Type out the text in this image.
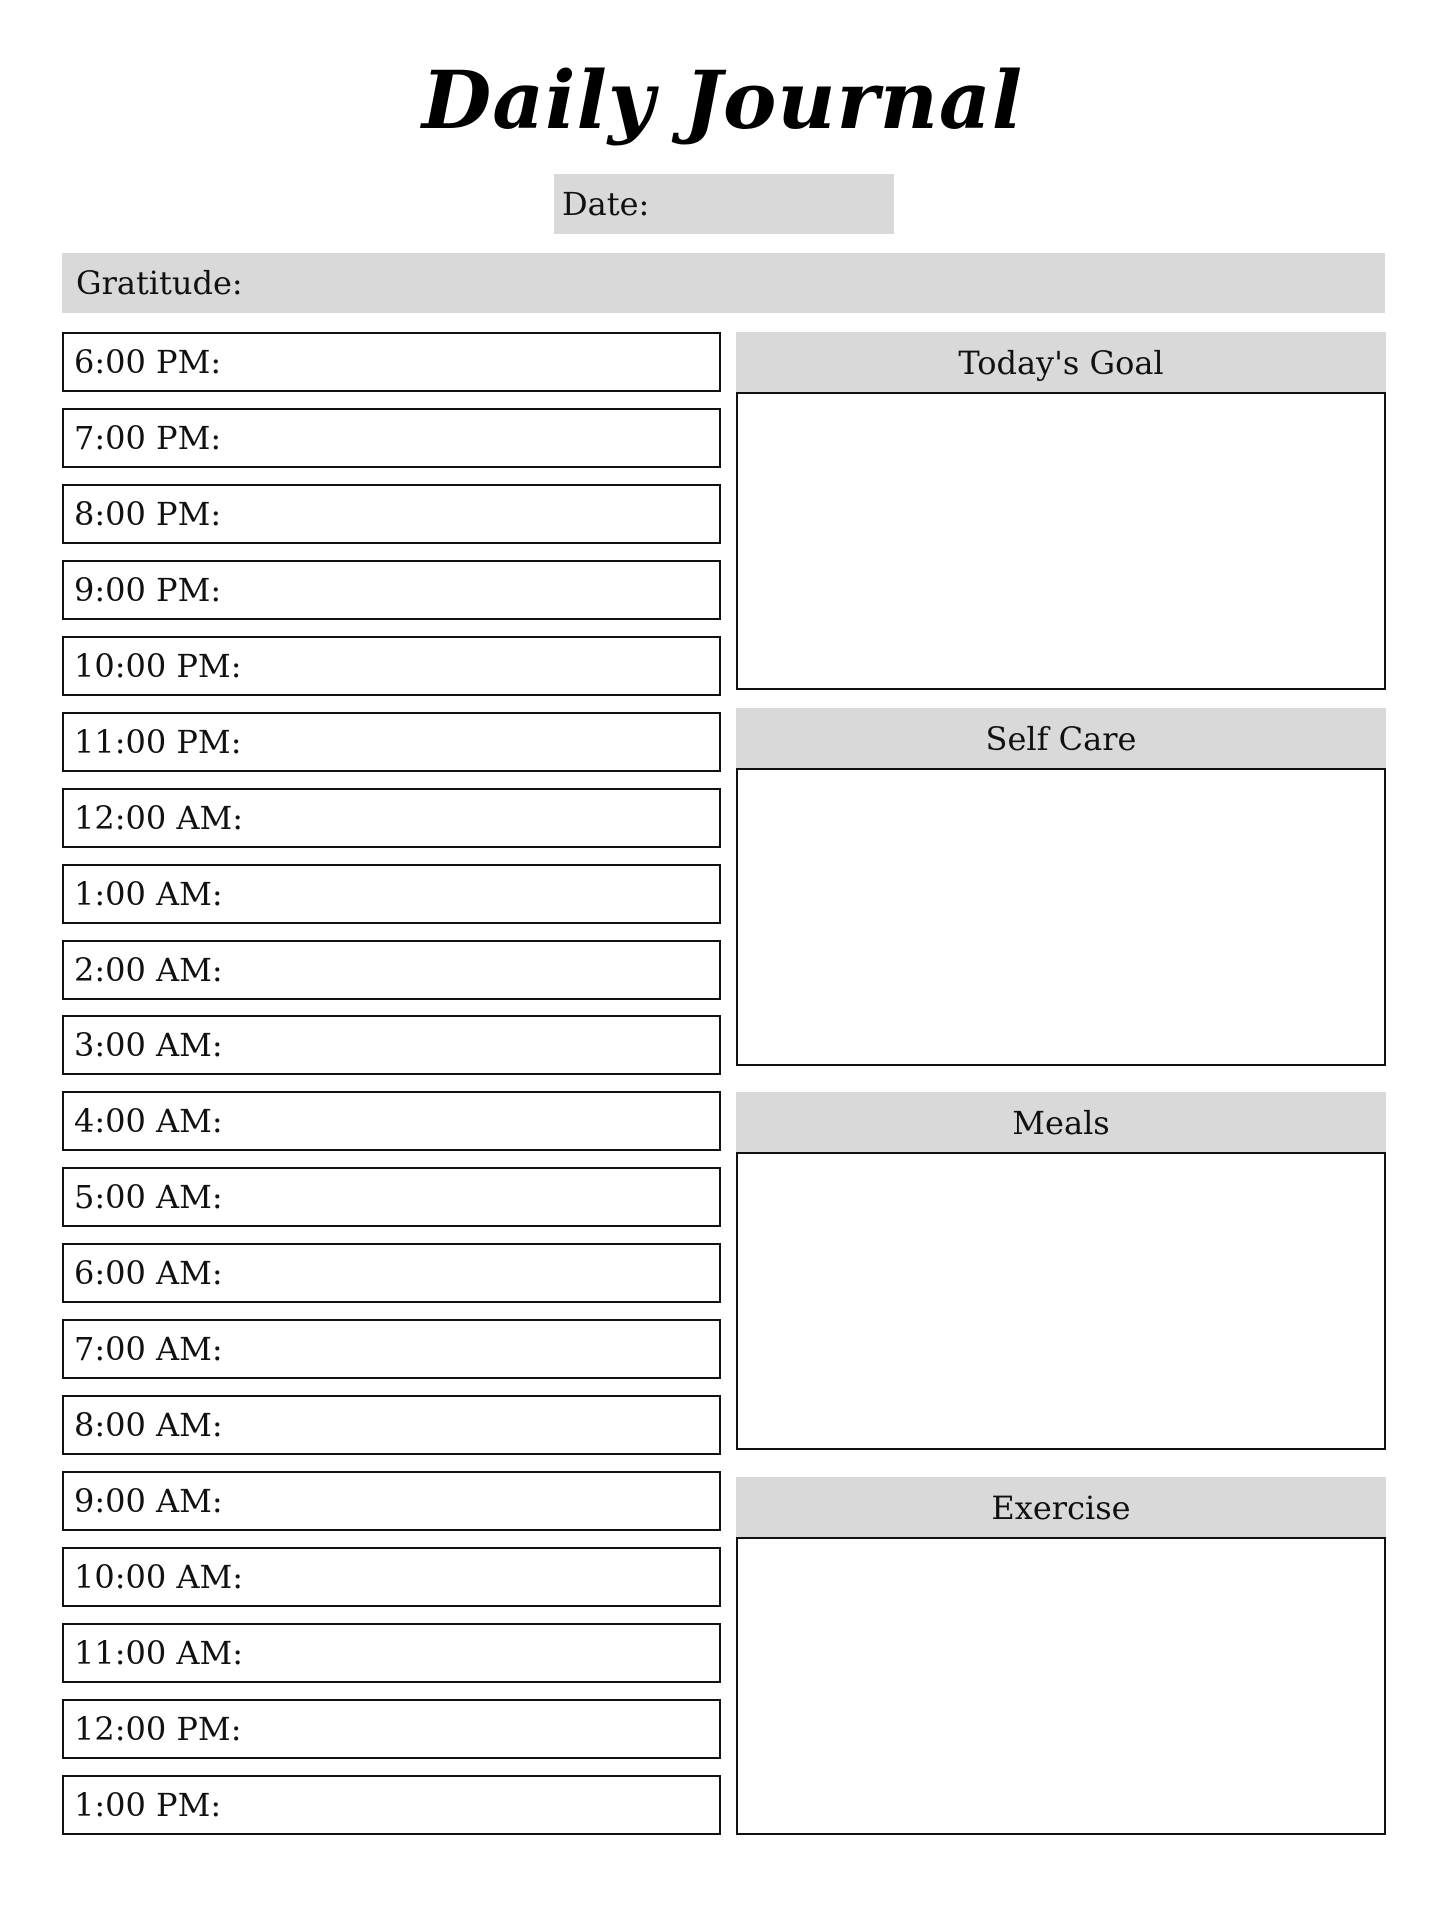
Daily Journal
Date:
Gratitude:
6:00 PM:
7:00 PM:
8:00 PM:
9:00 PM:
10:00 PM:
11:00 PM:
12:00 AM:
1:00 AM:
2:00 AM:
3:00 AM:
4:00 AM:
5:00 AM:
6:00 AM:
7:00 AM:
8:00 AM:
9:00 AM:
10:00 AM:
11:00 AM:
12:00 PM:
1:00 PM:
Today's Goal
Self Care
Meals
Exercise
